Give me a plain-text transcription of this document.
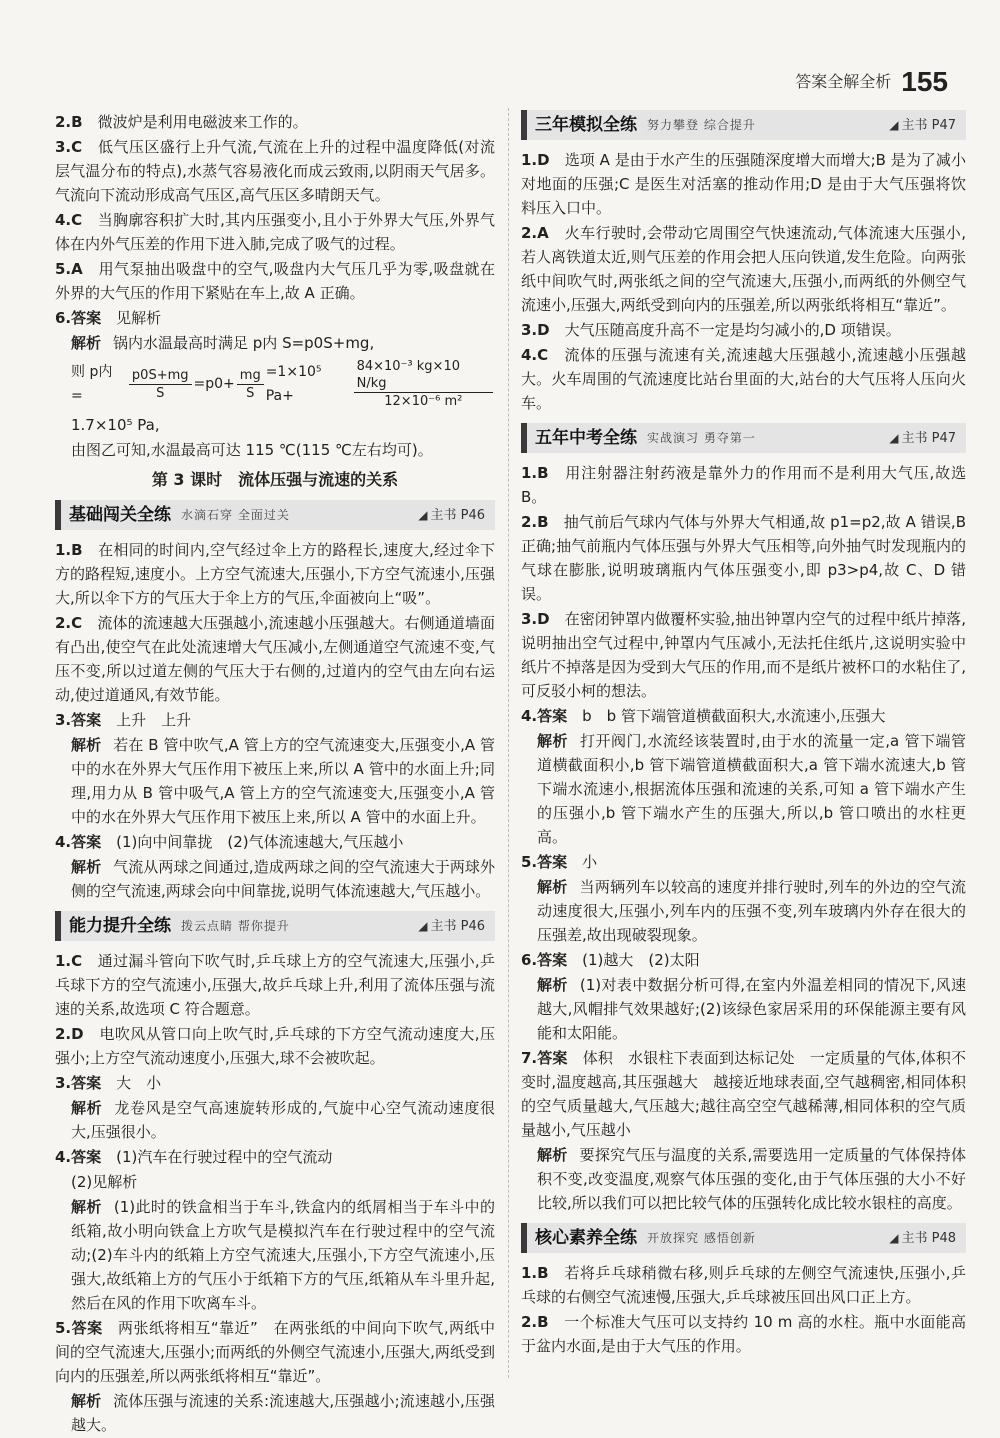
答案全解全析 155
2.B　 微波炉是利用电磁波来工作的。
3.C　 低气压区盛行上升气流,气流在上升的过程中温度降低(对流层气温分布的特点),水蒸气容易液化而成云致雨,以阴雨天气居多。气流向下流动形成高气压区,高气压区多晴朗天气。
4.C　 当胸廓容积扩大时,其内压强变小,且小于外界大气压,外界气体在内外气压差的作用下进入肺,完成了吸气的过程。
5.A　 用气泵抽出吸盘中的空气,吸盘内大气压几乎为零,吸盘就在外界的大气压的作用下紧贴在车上,故 A 正确。
6.答案　 见解析
解析 锅内水温最高时满足 p内 S=p0S+mg,
则 p内 =	$\frac{p0S+mg}{S} =p0+ \frac{mg}{S} =1\times 10^5$ Pa+	$\frac{\text{84×10⁻³ kg×10 N/kg}}{\text{12×10⁻⁶ m²}}$
1.7×10⁵ Pa,
由图乙可知,水温最高可达 115 ℃(115 ℃左右均可)。
第 3 课时　流体压强与流速的关系
基础闯关全练 水滴石穿 全面过关	◢ 主书 P46
1.B　 在相同的时间内,空气经过伞上方的路程长,速度大,经过伞下方的路程短,速度小。上方空气流速大,压强小,下方空气流速小,压强大,所以伞下方的气压大于伞上方的气压,伞面被向上“吸”。
2.C　 流体的流速越大压强越小,流速越小压强越大。右侧通道墙面有凸出,使空气在此处流速增大气压减小,左侧通道空气流速不变,气压不变,所以过道左侧的气压大于右侧的,过道内的空气由左向右运动,使过道通风,有效节能。
3.答案　 上升　上升
解析 若在 B 管中吹气,A 管上方的空气流速变大,压强变小,A 管中的水在外界大气压作用下被压上来,所以 A 管中的水面上升;同理,用力从 B 管中吸气,A 管上方的空气流速变大,压强变小,A 管中的水在外界大气压作用下被压上来,所以 A 管中的水面上升。
4.答案　 (1)向中间靠拢　(2)气体流速越大,气压越小
解析 气流从两球之间通过,造成两球之间的空气流速大于两球外侧的空气流速,两球会向中间靠拢,说明气体流速越大,气压越小。
能力提升全练 拨云点睛 帮你提升	◢ 主书 P46
1.C　 通过漏斗管向下吹气时,乒乓球上方的空气流速大,压强小,乒乓球下方的空气流速小,压强大,故乒乓球上升,利用了流体压强与流速的关系,故选项 C 符合题意。
2.D　 电吹风从管口向上吹气时,乒乓球的下方空气流动速度大,压强小;上方空气流动速度小,压强大,球不会被吹起。
3.答案　 大　小
解析 龙卷风是空气高速旋转形成的,气旋中心空气流动速度很大,压强很小。
4.答案　 (1)汽车在行驶过程中的空气流动
(2)见解析
解析 (1)此时的铁盒相当于车斗,铁盒内的纸屑相当于车斗中的纸箱,故小明向铁盒上方吹气是模拟汽车在行驶过程中的空气流动;(2)车斗内的纸箱上方空气流速大,压强小,下方空气流速小,压强大,故纸箱上方的气压小于纸箱下方的气压,纸箱从车斗里升起,然后在风的作用下吹离车斗。
5.答案　 两张纸将相互“靠近”　在两张纸的中间向下吹气,两纸中间的空气流速大,压强小;而两纸的外侧空气流速小,压强大,两纸受到向内的压强差,所以两张纸将相互“靠近”。
解析 流体压强与流速的关系:流速越大,压强越小;流速越小,压强越大。
三年模拟全练 努力攀登 综合提升	◢ 主书 P47
1.D　 选项 A 是由于水产生的压强随深度增大而增大;B 是为了减小对地面的压强;C 是医生对活塞的推动作用;D 是由于大气压强将饮料压入口中。
2.A　 火车行驶时,会带动它周围空气快速流动,气体流速大压强小,若人离铁道太近,则气压差的作用会把人压向铁道,发生危险。向两张纸中间吹气时,两张纸之间的空气流速大,压强小,而两纸的外侧空气流速小,压强大,两纸受到向内的压强差,所以两张纸将相互“靠近”。
3.D　 大气压随高度升高不一定是均匀减小的,D 项错误。
4.C　 流体的压强与流速有关,流速越大压强越小,流速越小压强越大。火车周围的气流速度比站台里面的大,站台的大气压将人压向火车。
五年中考全练 实战演习 勇夺第一	◢ 主书 P47
1.B　 用注射器注射药液是靠外力的作用而不是利用大气压,故选 B。
2.B　 抽气前后气球内气体与外界大气相通,故 p1=p2,故 A 错误,B 正确;抽气前瓶内气体压强与外界大气压相等,向外抽气时发现瓶内的气球在膨胀,说明玻璃瓶内气体压强变小,即 p3>p4,故 C、D 错误。
3.D　 在密闭钟罩内做覆杯实验,抽出钟罩内空气的过程中纸片掉落,说明抽出空气过程中,钟罩内气压减小,无法托住纸片,这说明实验中纸片不掉落是因为受到大气压的作用,而不是纸片被杯口的水粘住了,可反驳小柯的想法。
4.答案　 b　b 管下端管道横截面积大,水流速小,压强大
解析 打开阀门,水流经该装置时,由于水的流量一定,a 管下端管道横截面积小,b 管下端管道横截面积大,a 管下端水流速大,b 管下端水流速小,根据流体压强和流速的关系,可知 a 管下端水产生的压强小,b 管下端水产生的压强大,所以,b 管口喷出的水柱更高。
5.答案　 小
解析 当两辆列车以较高的速度并排行驶时,列车的外边的空气流动速度很大,压强小,列车内的压强不变,列车玻璃内外存在很大的压强差,故出现破裂现象。
6.答案　 (1)越大　(2)太阳
解析 (1)对表中数据分析可得,在室内外温差相同的情况下,风速越大,风帽排气效果越好;(2)该绿色家居采用的环保能源主要有风能和太阳能。
7.答案　 体积　水银柱下表面到达标记处　一定质量的气体,体积不变时,温度越高,其压强越大　越接近地球表面,空气越稠密,相同体积的空气质量越大,气压越大;越往高空空气越稀薄,相同体积的空气质量越小,气压越小
解析 要探究气压与温度的关系,需要选用一定质量的气体保持体积不变,改变温度,观察气体压强的变化,由于气体压强的大小不好比较,所以我们可以把比较气体的压强转化成比较水银柱的高度。
核心素养全练 开放探究 感悟创新	◢ 主书 P48
1.B　 若将乒乓球稍微右移,则乒乓球的左侧空气流速快,压强小,乒乓球的右侧空气流速慢,压强大,乒乓球被压回出风口正上方。
2.B　 一个标准大气压可以支持约 10 m 高的水柱。瓶中水面能高于盆内水面,是由于大气压的作用。
